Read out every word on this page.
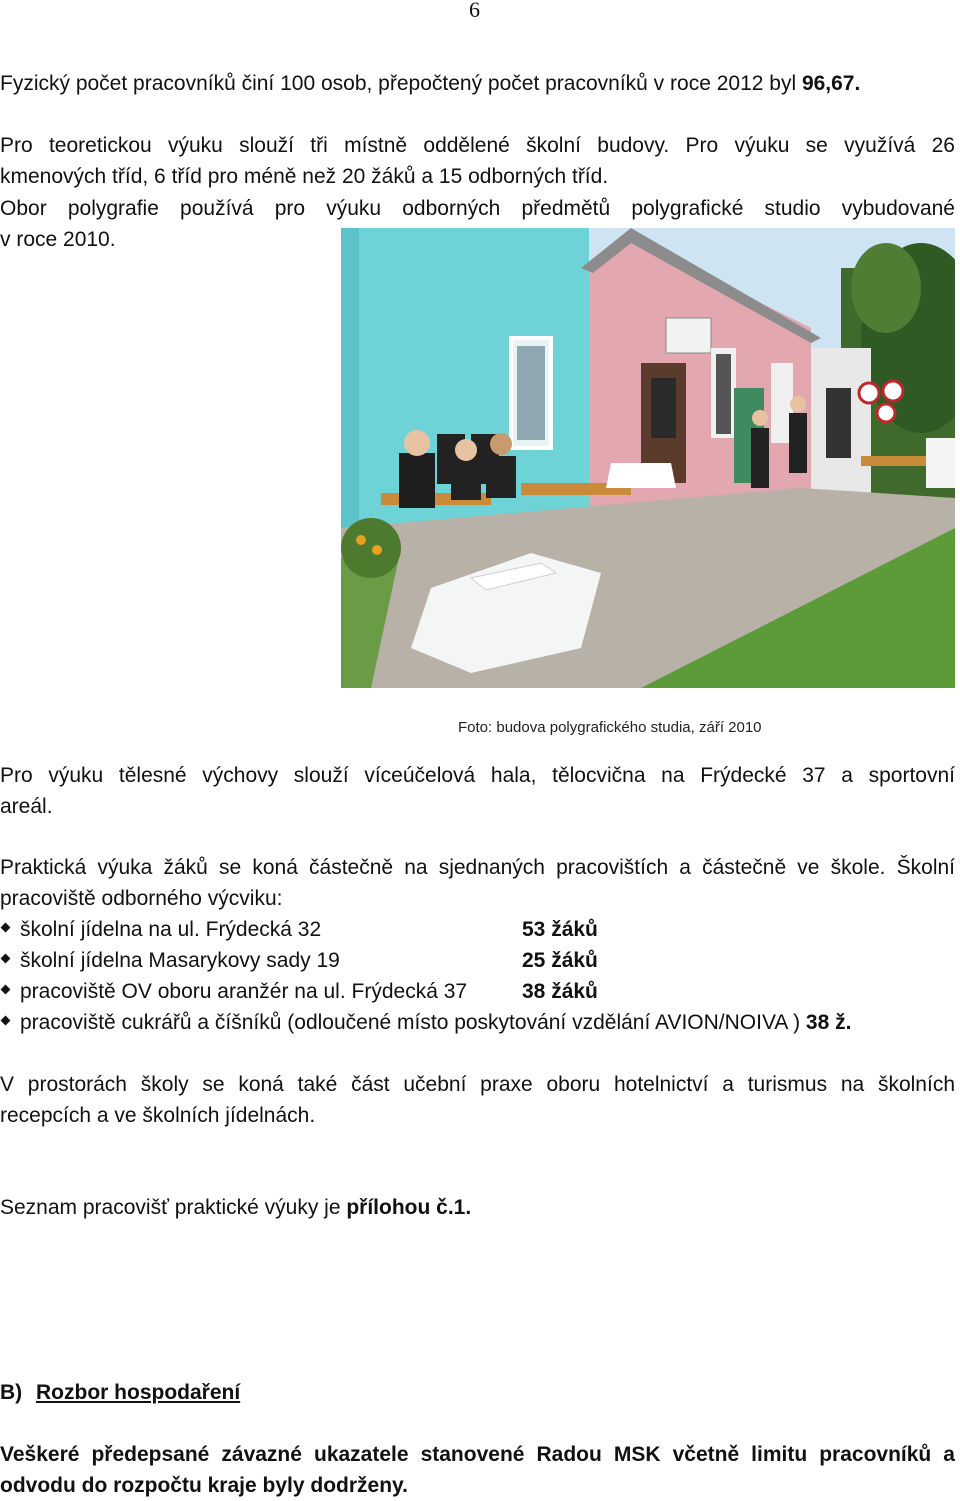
6
Fyzický počet pracovníků činí 100 osob, přepočtený počet pracovníků v roce 2012 byl 96,67.
Pro teoretickou výuku slouží tři místně oddělené školní budovy. Pro výuku se využívá 26
kmenových tříd, 6 tříd pro méně než 20 žáků a 15 odborných tříd.
Obor polygrafie používá pro výuku odborných předmětů polygrafické studio vybudované
v roce 2010.
Foto: budova polygrafického studia, září 2010
Pro výuku tělesné výchovy slouží víceúčelová hala, tělocvična na Frýdecké 37 a sportovní
areál.
Praktická výuka žáků se koná částečně na sjednaných pracovištích a částečně ve škole. Školní
pracoviště odborného výcviku:
školní jídelna na ul. Frýdecká 32	53 žáků
školní jídelna Masarykovy sady 19	25 žáků
pracoviště OV oboru aranžér na ul. Frýdecká 37	38 žáků
pracoviště cukrářů a číšníků (odloučené místo poskytování vzdělání AVION/NOIVA ) 38 ž.
V prostorách školy se koná také část učební praxe oboru hotelnictví a turismus na školních
recepcích a ve školních jídelnách.
Seznam pracovišť praktické výuky je přílohou č.1.
B) Rozbor hospodaření
Veškeré předepsané závazné ukazatele stanovené Radou MSK včetně limitu pracovníků a
odvodu do rozpočtu kraje byly dodrženy.
